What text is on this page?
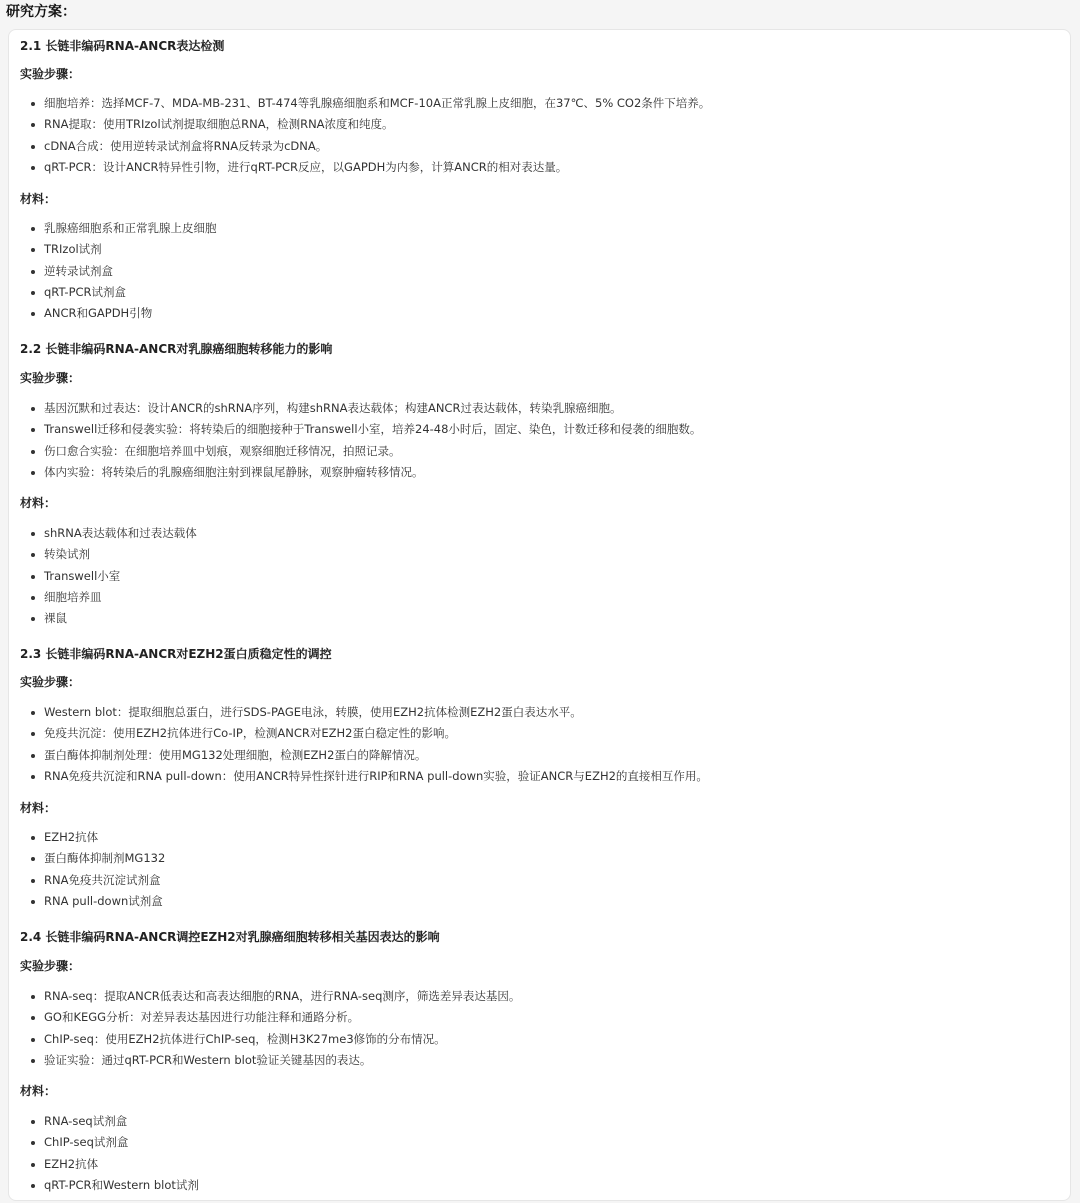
研究方案：
2.1 长链非编码RNA-ANCR表达检测
实验步骤：
细胞培养：选择MCF-7、MDA-MB-231、BT-474等乳腺癌细胞系和MCF-10A正常乳腺上皮细胞，在37℃、5% CO2条件下培养。
RNA提取：使用TRIzol试剂提取细胞总RNA，检测RNA浓度和纯度。
cDNA合成：使用逆转录试剂盒将RNA反转录为cDNA。
qRT-PCR：设计ANCR特异性引物，进行qRT-PCR反应，以GAPDH为内参，计算ANCR的相对表达量。
材料：
乳腺癌细胞系和正常乳腺上皮细胞
TRIzol试剂
逆转录试剂盒
qRT-PCR试剂盒
ANCR和GAPDH引物
2.2 长链非编码RNA-ANCR对乳腺癌细胞转移能力的影响
实验步骤：
基因沉默和过表达：设计ANCR的shRNA序列，构建shRNA表达载体；构建ANCR过表达载体，转染乳腺癌细胞。
Transwell迁移和侵袭实验：将转染后的细胞接种于Transwell小室，培养24-48小时后，固定、染色，计数迁移和侵袭的细胞数。
伤口愈合实验：在细胞培养皿中划痕，观察细胞迁移情况，拍照记录。
体内实验：将转染后的乳腺癌细胞注射到裸鼠尾静脉，观察肿瘤转移情况。
材料：
shRNA表达载体和过表达载体
转染试剂
Transwell小室
细胞培养皿
裸鼠
2.3 长链非编码RNA-ANCR对EZH2蛋白质稳定性的调控
实验步骤：
Western blot：提取细胞总蛋白，进行SDS-PAGE电泳，转膜，使用EZH2抗体检测EZH2蛋白表达水平。
免疫共沉淀：使用EZH2抗体进行Co-IP，检测ANCR对EZH2蛋白稳定性的影响。
蛋白酶体抑制剂处理：使用MG132处理细胞，检测EZH2蛋白的降解情况。
RNA免疫共沉淀和RNA pull-down：使用ANCR特异性探针进行RIP和RNA pull-down实验，验证ANCR与EZH2的直接相互作用。
材料：
EZH2抗体
蛋白酶体抑制剂MG132
RNA免疫共沉淀试剂盒
RNA pull-down试剂盒
2.4 长链非编码RNA-ANCR调控EZH2对乳腺癌细胞转移相关基因表达的影响
实验步骤：
RNA-seq：提取ANCR低表达和高表达细胞的RNA，进行RNA-seq测序，筛选差异表达基因。
GO和KEGG分析：对差异表达基因进行功能注释和通路分析。
ChIP-seq：使用EZH2抗体进行ChIP-seq，检测H3K27me3修饰的分布情况。
验证实验：通过qRT-PCR和Western blot验证关键基因的表达。
材料：
RNA-seq试剂盒
ChIP-seq试剂盒
EZH2抗体
qRT-PCR和Western blot试剂
